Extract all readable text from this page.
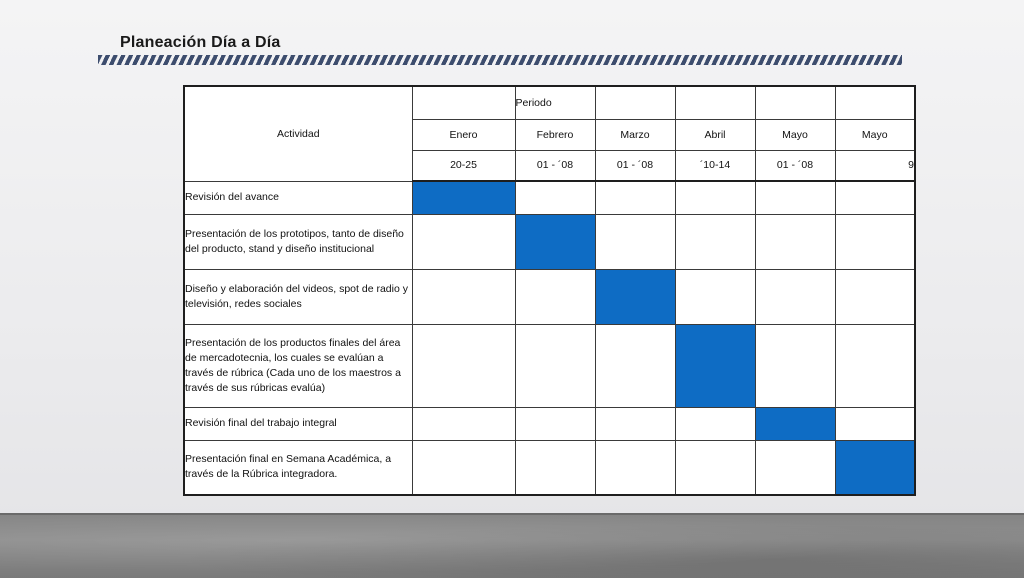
Planeación Día a Día
Actividad		Periodo				
	Enero	Febrero	Marzo	Abril	Mayo	Mayo
	20-25	01 - ´08	01 - ´08	´10-14	01 - ´08	9
Revisión del avance						
Presentación de los prototipos, tanto de diseño del producto, stand y diseño institucional						
Diseño y elaboración del videos, spot de radio y televisión, redes sociales						
Presentación de los productos finales del área de mercadotecnia, los cuales se evalúan a través de rúbrica (Cada uno de los maestros a través de sus rúbricas evalúa)						
Revisión final del trabajo integral						
Presentación final en Semana Académica, a través de la Rúbrica integradora.						
